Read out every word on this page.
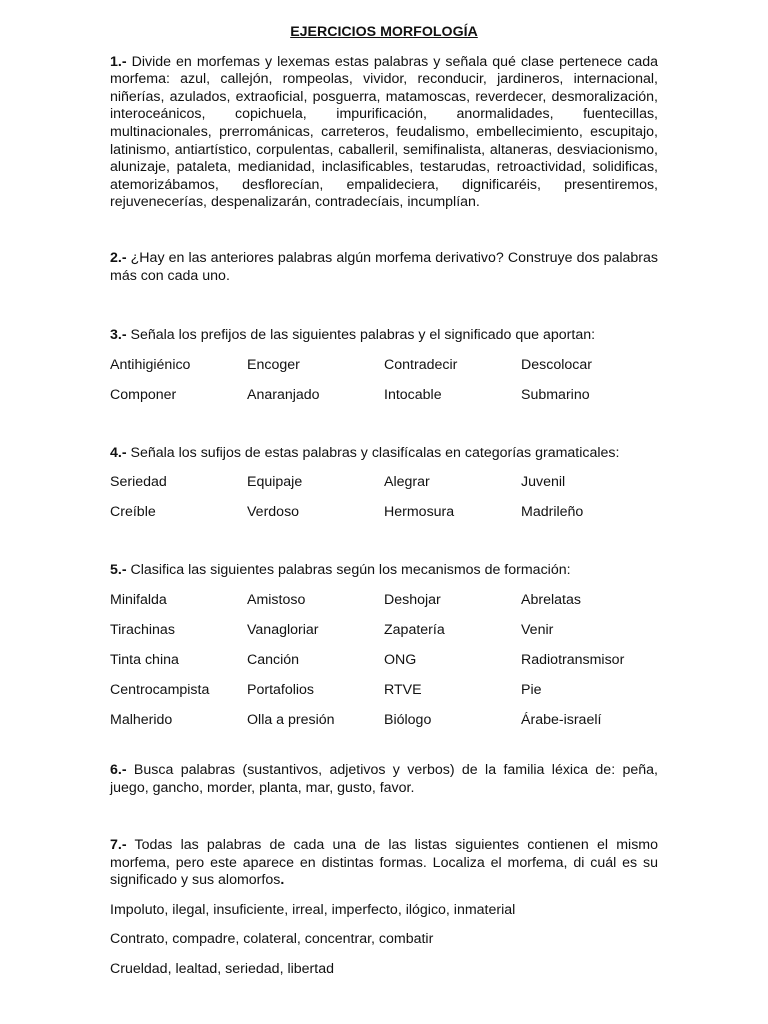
EJERCICIOS MORFOLOGÍA

1.- Divide en morfemas y lexemas estas palabras y señala qué clase pertenece cada morfema: azul, callejón, rompeolas, vividor, reconducir, jardineros, internacional, niñerías, azulados, extraoficial, posguerra, matamoscas, reverdecer, desmoralización, interoceánicos, copichuela, impurificación, anormalidades, fuentecillas, multinacionales, prerrománicas, carreteros, feudalismo, embellecimiento, escupitajo, latinismo, antiartístico, corpulentas, caballeril, semifinalista, altaneras, desviacionismo, alunizaje, pataleta, medianidad, inclasificables, testarudas, retroactividad, solidificas, atemorizábamos, desflorecían, empalideciera, dignificaréis, presentiremos, rejuvenecerías, despenalizarán, contradecíais, incumplían.

2.- ¿Hay en las anteriores palabras algún morfema derivativo? Construye dos palabras más con cada uno.

3.- Señala los prefijos de las siguientes palabras y el significado que aportan:

Antihigiénico	Encoger	Contradecir	Descolocar
Componer	Anaranjado	Intocable	Submarino

4.- Señala los sufijos de estas palabras y clasifícalas en categorías gramaticales:

Seriedad	Equipaje	Alegrar	Juvenil
Creíble	Verdoso	Hermosura	Madrileño

5.- Clasifica las siguientes palabras según los mecanismos de formación:

Minifalda	Amistoso	Deshojar	Abrelatas
Tirachinas	Vanagloriar	Zapatería	Venir
Tinta china	Canción	ONG	Radiotransmisor
Centrocampista	Portafolios	RTVE	Pie
Malherido	Olla a presión	Biólogo	Árabe-israelí

6.- Busca palabras (sustantivos, adjetivos y verbos) de la familia léxica de: peña, juego, gancho, morder, planta, mar, gusto, favor.

7.- Todas las palabras de cada una de las listas siguientes contienen el mismo morfema, pero este aparece en distintas formas. Localiza el morfema, di cuál es su significado y sus alomorfos.

Impoluto, ilegal, insuficiente, irreal, imperfecto, ilógico, inmaterial

Contrato, compadre, colateral, concentrar, combatir

Crueldad, lealtad, seriedad, libertad
